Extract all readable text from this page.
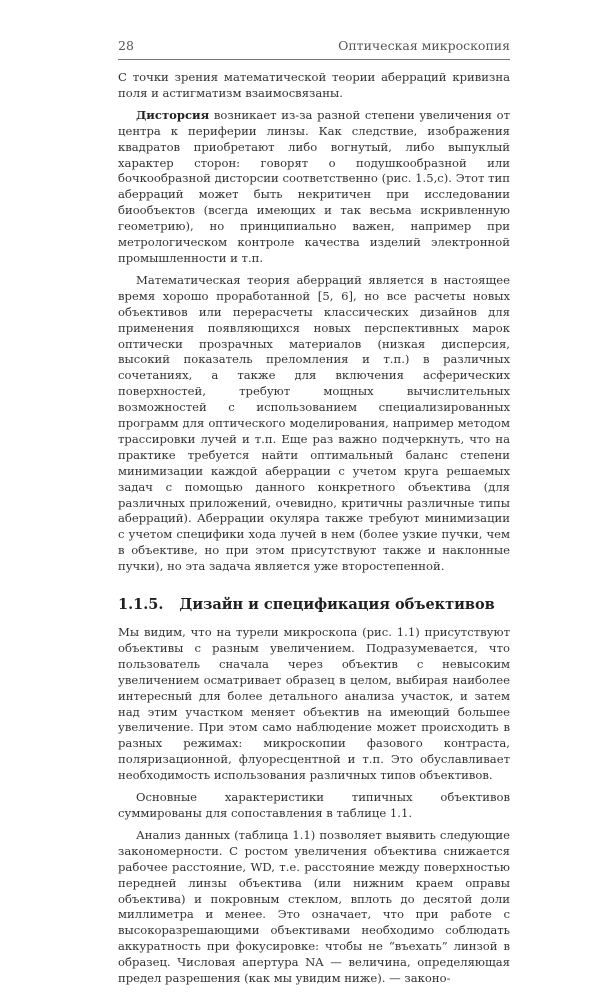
28	Оптическая микроскопия

С точки зрения математической теории аберраций кривизна поля и астигматизм взаимосвязаны.

Дисторсия возникает из-за разной степени увеличения от центра к периферии линзы. Как следствие, изображения квадратов приобретают либо вогнутый, либо выпуклый характер сторон: говорят о подушкообразной или бочкообразной дисторсии соответственно (рис. 1.5,с). Этот тип аберраций может быть некритичен при исследовании биообъектов (всегда имеющих и так весьма искривленную геометрию), но принципиально важен, например при метрологическом контроле качества изделий электронной промышленности и т.п.

Математическая теория аберраций является в настоящее время хорошо проработанной [5, 6], но все расчеты новых объективов или перерасчеты классических дизайнов для применения появляющихся новых перспективных марок оптически прозрачных материалов (низкая дисперсия, высокий показатель преломления и т.п.) в различных сочетаниях, а также для включения асферических поверхностей, требуют мощных вычислительных возможностей с использованием специализированных программ для оптического моделирования, например методом трассировки лучей и т.п. Еще раз важно подчеркнуть, что на практике требуется найти оптимальный баланс степени минимизации каждой аберрации с учетом круга решаемых задач с помощью данного конкретного объектива (для различных приложений, очевидно, критичны различные типы аберраций). Аберрации окуляра также требуют минимизации с учетом специфики хода лучей в нем (более узкие пучки, чем в объективе, но при этом присутствуют также и наклонные пучки), но эта задача является уже второстепенной.

1.1.5. Дизайн и спецификация объективов

Мы видим, что на турели микроскопа (рис. 1.1) присутствуют объективы с разным увеличением. Подразумевается, что пользователь сначала через объектив с невысоким увеличением осматривает образец в целом, выбирая наиболее интересный для более детального анализа участок, и затем над этим участком меняет объектив на имеющий большее увеличение. При этом само наблюдение может происходить в разных режимах: микроскопии фазового контраста, поляризационной, флуоресцентной и т.п. Это обуславливает необходимость использования различных типов объективов.

Основные характеристики типичных объективов суммированы для сопоставления в таблице 1.1.

Анализ данных (таблица 1.1) позволяет выявить следующие закономерности. С ростом увеличения объектива снижается рабочее расстояние, WD, т.е. расстояние между поверхностью передней линзы объектива (или нижним краем оправы объектива) и покровным стеклом, вплоть до десятой доли миллиметра и менее. Это означает, что при работе с высокоразрешающими объективами необходимо соблюдать аккуратность при фокусировке: чтобы не “въехать” линзой в образец. Числовая апертура NA — величина, определяющая предел разрешения (как мы увидим ниже). — законо-
